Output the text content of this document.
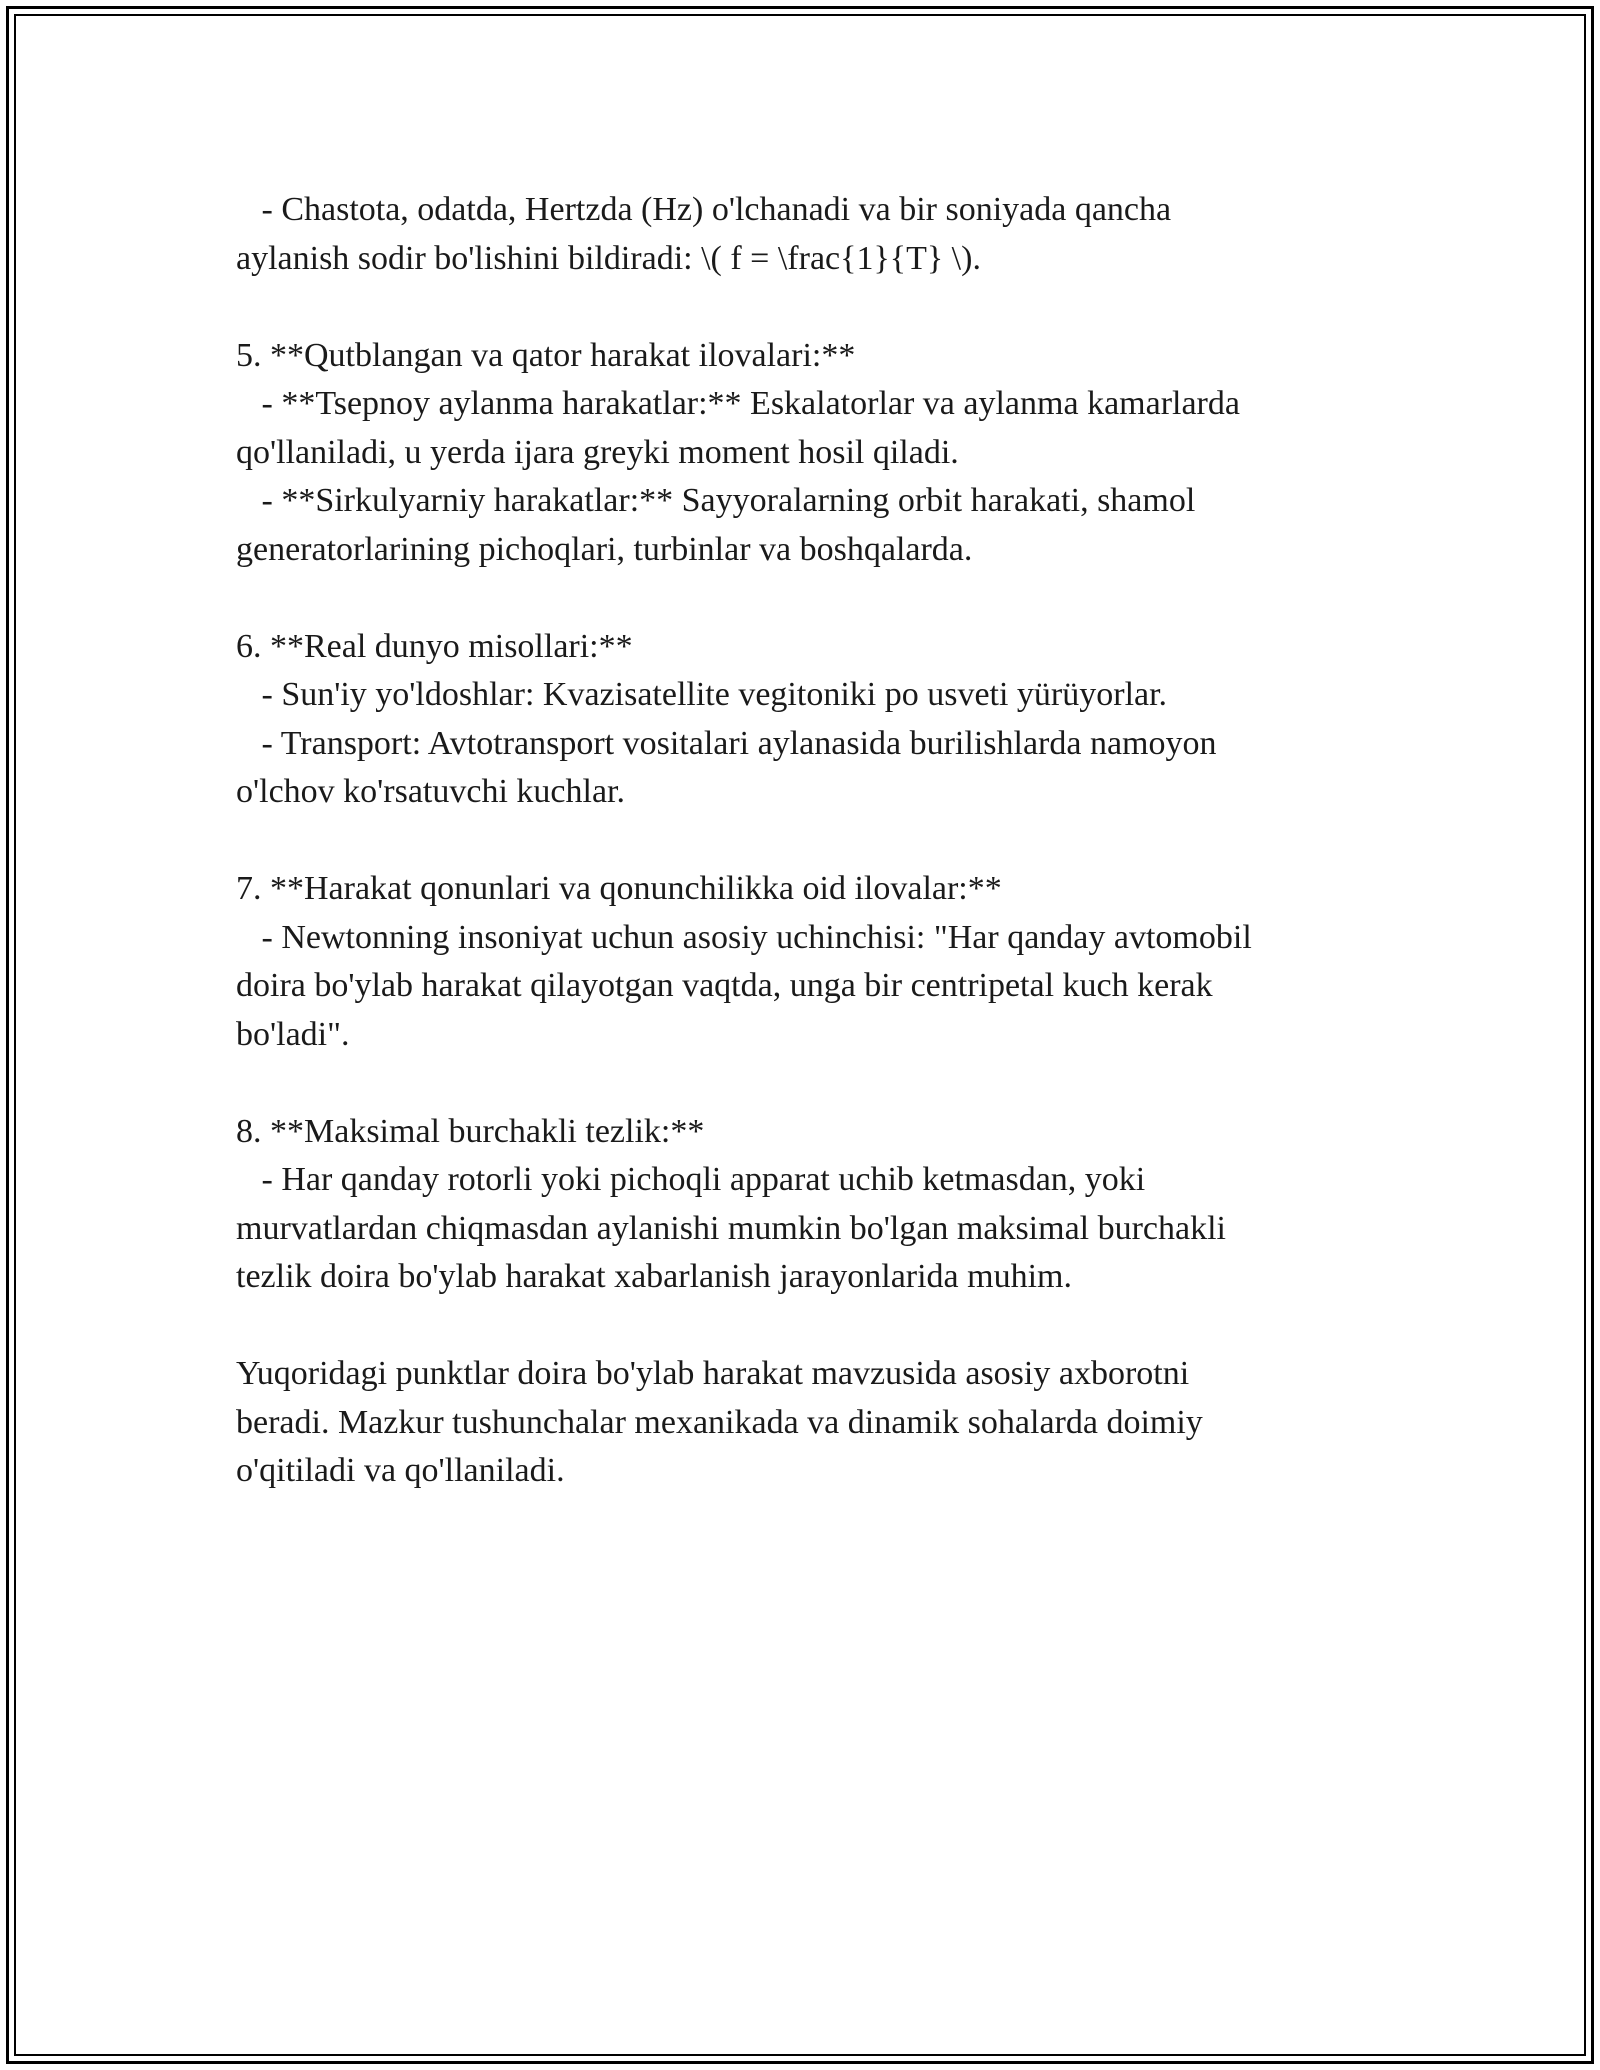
- Chastota, odatda, Hertzda (Hz) o'lchanadi va bir soniyada qancha
aylanish sodir bo'lishini bildiradi: \( f = \frac{1}{T} \).

5. **Qutblangan va qator harakat ilovalari:**
- **Tsepnoy aylanma harakatlar:** Eskalatorlar va aylanma kamarlarda
qo'llaniladi, u yerda ijara greyki moment hosil qiladi.
- **Sirkulyarniy harakatlar:** Sayyoralarning orbit harakati, shamol
generatorlarining pichoqlari, turbinlar va boshqalarda.

6. **Real dunyo misollari:**
- Sun'iy yo'ldoshlar: Kvazisatellite vegitoniki po usveti yürüyorlar.
- Transport: Avtotransport vositalari aylanasida burilishlarda namoyon
o'lchov ko'rsatuvchi kuchlar.

7. **Harakat qonunlari va qonunchilikka oid ilovalar:**
- Newtonning insoniyat uchun asosiy uchinchisi: "Har qanday avtomobil
doira bo'ylab harakat qilayotgan vaqtda, unga bir centripetal kuch kerak
bo'ladi".

8. **Maksimal burchakli tezlik:**
- Har qanday rotorli yoki pichoqli apparat uchib ketmasdan, yoki
murvatlardan chiqmasdan aylanishi mumkin bo'lgan maksimal burchakli
tezlik doira bo'ylab harakat xabarlanish jarayonlarida muhim.

Yuqoridagi punktlar doira bo'ylab harakat mavzusida asosiy axborotni
beradi. Mazkur tushunchalar mexanikada va dinamik sohalarda doimiy
o'qitiladi va qo'llaniladi.
